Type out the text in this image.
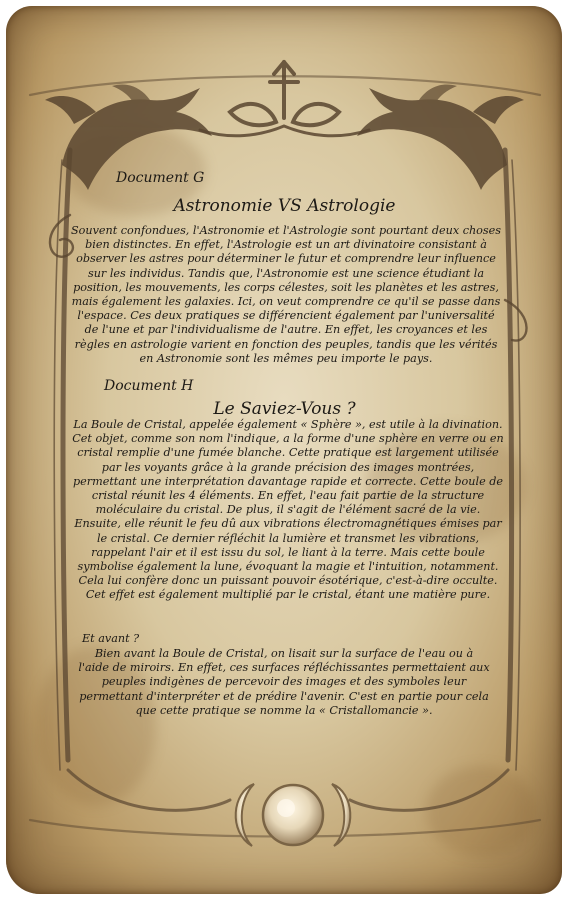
Document G
Astronomie VS Astrologie

Souvent confondues, l'Astronomie et l'Astrologie sont pourtant deux choses bien distinctes. En effet, l'Astrologie est un art divinatoire consistant à observer les astres pour déterminer le futur et comprendre leur influence sur les individus. Tandis que, l'Astronomie est une science étudiant la position, les mouvements, les corps célestes, soit les planètes et les astres, mais également les galaxies. Ici, on veut comprendre ce qu'il se passe dans l'espace. Ces deux pratiques se différencient également par l'universalité de l'une et par l'individualisme de l'autre. En effet, les croyances et les règles en astrologie varient en fonction des peuples, tandis que les vérités en Astronomie sont les mêmes peu importe le pays.

Document H
Le Saviez-Vous ?

La Boule de Cristal, appelée également « Sphère », est utile à la divination. Cet objet, comme son nom l'indique, a la forme d'une sphère en verre ou en cristal remplie d'une fumée blanche. Cette pratique est largement utilisée par les voyants grâce à la grande précision des images montrées, permettant une interprétation davantage rapide et correcte. Cette boule de cristal réunit les 4 éléments. En effet, l'eau fait partie de la structure moléculaire du cristal. De plus, il s'agit de l'élément sacré de la vie. Ensuite, elle réunit le feu dû aux vibrations électromagnétiques émises par le cristal. Ce dernier réfléchit la lumière et transmet les vibrations, rappelant l'air et il est issu du sol, le liant à la terre. Mais cette boule symbolise également la lune, évoquant la magie et l'intuition, notamment. Cela lui confère donc un puissant pouvoir ésotérique, c'est-à-dire occulte. Cet effet est également multiplié par le cristal, étant une matière pure.

Et avant ?

Bien avant la Boule de Cristal, on lisait sur la surface de l'eau ou à l'aide de miroirs. En effet, ces surfaces réfléchissantes permettaient aux peuples indigènes de percevoir des images et des symboles leur permettant d'interpréter et de prédire l'avenir. C'est en partie pour cela que cette pratique se nomme la « Cristallomancie ».
